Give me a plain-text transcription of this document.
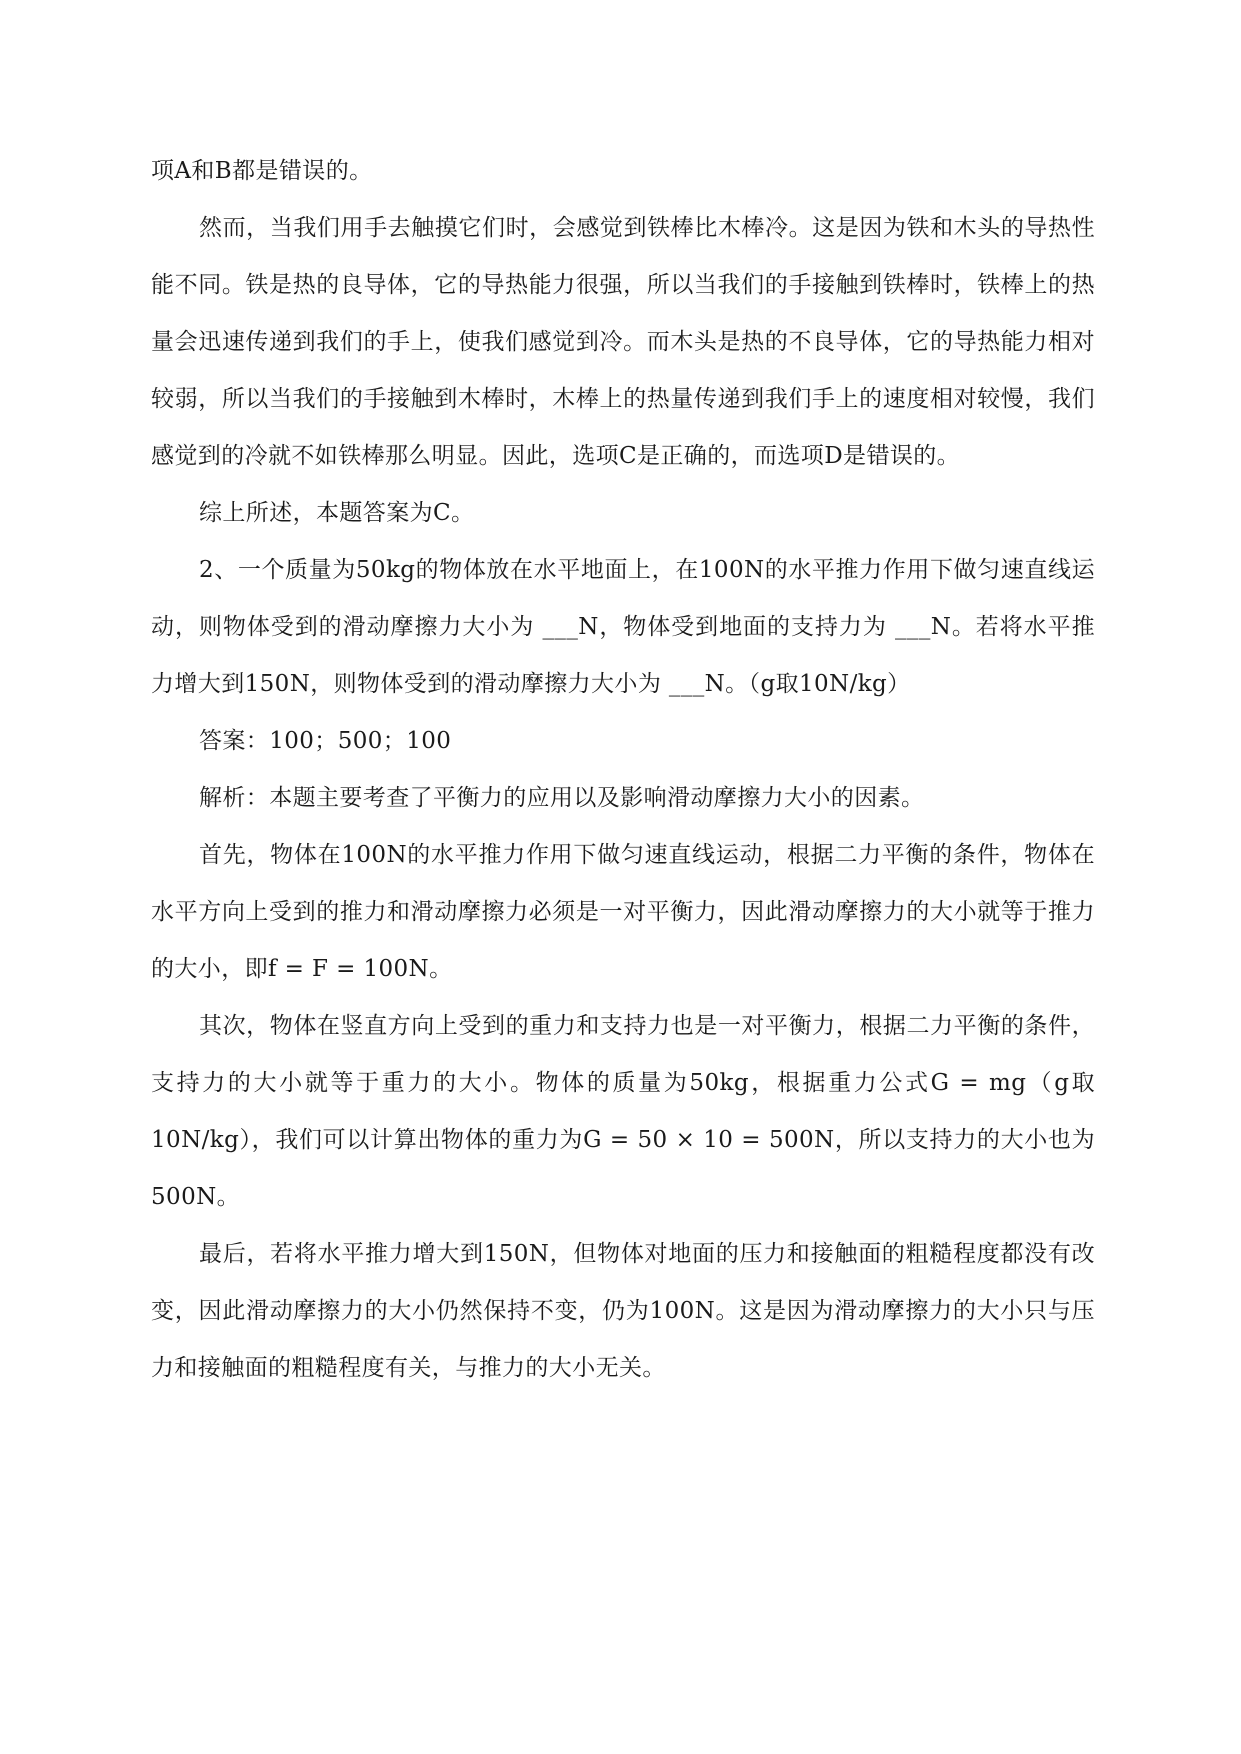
项A和B都是错误的。

然而，当我们用手去触摸它们时，会感觉到铁棒比木棒冷。这是因为铁和木头的导热性能不同。铁是热的良导体，它的导热能力很强，所以当我们的手接触到铁棒时，铁棒上的热量会迅速传递到我们的手上，使我们感觉到冷。而木头是热的不良导体，它的导热能力相对较弱，所以当我们的手接触到木棒时，木棒上的热量传递到我们手上的速度相对较慢，我们感觉到的冷就不如铁棒那么明显。因此，选项C是正确的，而选项D是错误的。

综上所述，本题答案为C。

2、一个质量为50kg的物体放在水平地面上，在100N的水平推力作用下做匀速直线运动，则物体受到的滑动摩擦力大小为 ___N，物体受到地面的支持力为 ___N。若将水平推力增大到150N，则物体受到的滑动摩擦力大小为 ___N。（g取10N/kg）

答案：100；500；100

解析：本题主要考查了平衡力的应用以及影响滑动摩擦力大小的因素。

首先，物体在100N的水平推力作用下做匀速直线运动，根据二力平衡的条件，物体在水平方向上受到的推力和滑动摩擦力必须是一对平衡力，因此滑动摩擦力的大小就等于推力的大小，即f = F = 100N。

其次，物体在竖直方向上受到的重力和支持力也是一对平衡力，根据二力平衡的条件，支持力的大小就等于重力的大小。物体的质量为50kg，根据重力公式G = mg（g取10N/kg），我们可以计算出物体的重力为G = 50 × 10 = 500N，所以支持力的大小也为500N。

最后，若将水平推力增大到150N，但物体对地面的压力和接触面的粗糙程度都没有改变，因此滑动摩擦力的大小仍然保持不变，仍为100N。这是因为滑动摩擦力的大小只与压力和接触面的粗糙程度有关，与推力的大小无关。
